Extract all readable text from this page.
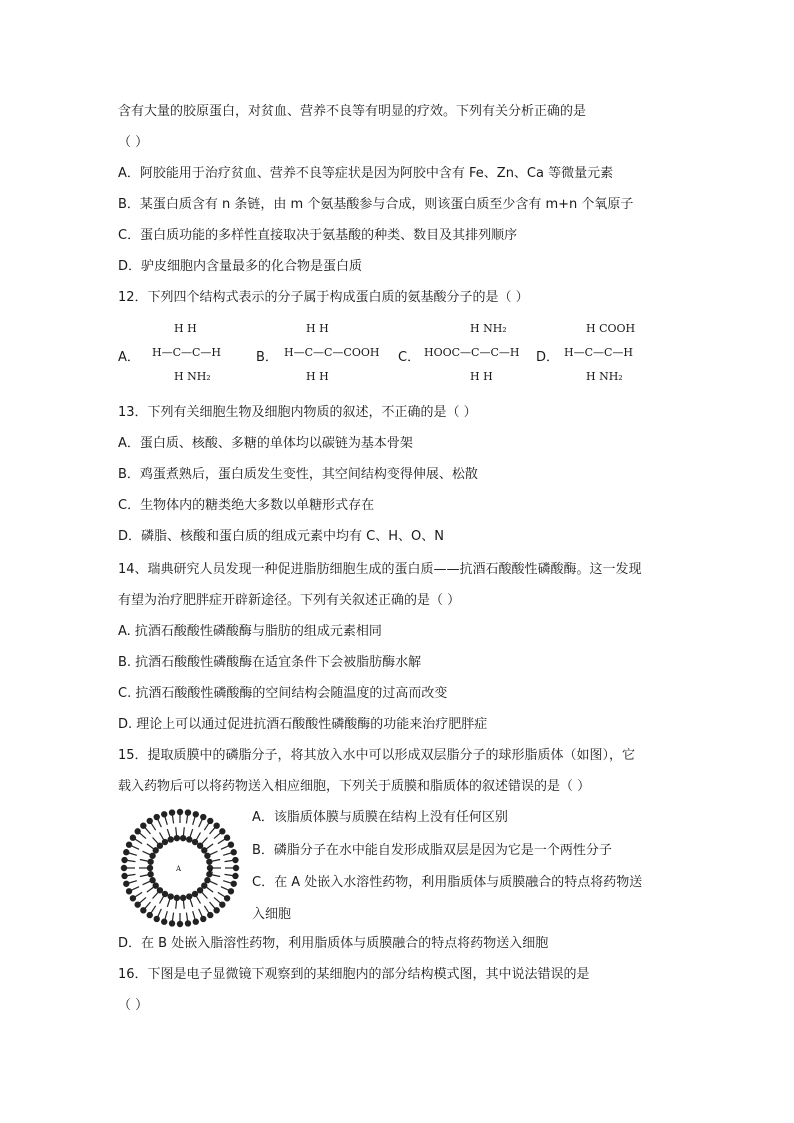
含有大量的胶原蛋白，对贫血、营养不良等有明显的疗效。下列有关分析正确的是
（ ）
A．阿胶能用于治疗贫血、营养不良等症状是因为阿胶中含有 Fe、Zn、Ca 等微量元素
B．某蛋白质含有 n 条链，由 m 个氨基酸参与合成，则该蛋白质至少含有 m+n 个氧原子
C．蛋白质功能的多样性直接取决于氨基酸的种类、数目及其排列顺序
D．驴皮细胞内含量最多的化合物是蛋白质
12．下列四个结构式表示的分子属于构成蛋白质的氨基酸分子的是（ ）
A．
H H
H—C—C—H
H NH₂
B．
H H
H—C—C—COOH
H H
C．
H NH₂
HOOC—C—C—H
H H
D．
H COOH
H—C—C—H
H NH₂
13．下列有关细胞生物及细胞内物质的叙述，不正确的是（ ）
A．蛋白质、核酸、多糖的单体均以碳链为基本骨架
B．鸡蛋煮熟后，蛋白质发生变性，其空间结构变得伸展、松散
C．生物体内的糖类绝大多数以单糖形式存在
D．磷脂、核酸和蛋白质的组成元素中均有 C、H、O、N
14、瑞典研究人员发现一种促进脂肪细胞生成的蛋白质——抗酒石酸酸性磷酸酶。这一发现
有望为治疗肥胖症开辟新途径。下列有关叙述正确的是（ ）
A. 抗酒石酸酸性磷酸酶与脂肪的组成元素相同
B. 抗酒石酸酸性磷酸酶在适宜条件下会被脂肪酶水解
C. 抗酒石酸酸性磷酸酶的空间结构会随温度的过高而改变
D. 理论上可以通过促进抗酒石酸酸性磷酸酶的功能来治疗肥胖症
15．提取质膜中的磷脂分子，将其放入水中可以形成双层脂分子的球形脂质体（如图），它
载入药物后可以将药物送入相应细胞，下列关于质膜和脂质体的叙述错误的是（ ）
A	B
A．该脂质体膜与质膜在结构上没有任何区别
B．磷脂分子在水中能自发形成脂双层是因为它是一个两性分子
C．在 A 处嵌入水溶性药物，利用脂质体与质膜融合的特点将药物送
入细胞
D．在 B 处嵌入脂溶性药物，利用脂质体与质膜融合的特点将药物送入细胞
16．下图是电子显微镜下观察到的某细胞内的部分结构模式图，其中说法错误的是
（ ）
